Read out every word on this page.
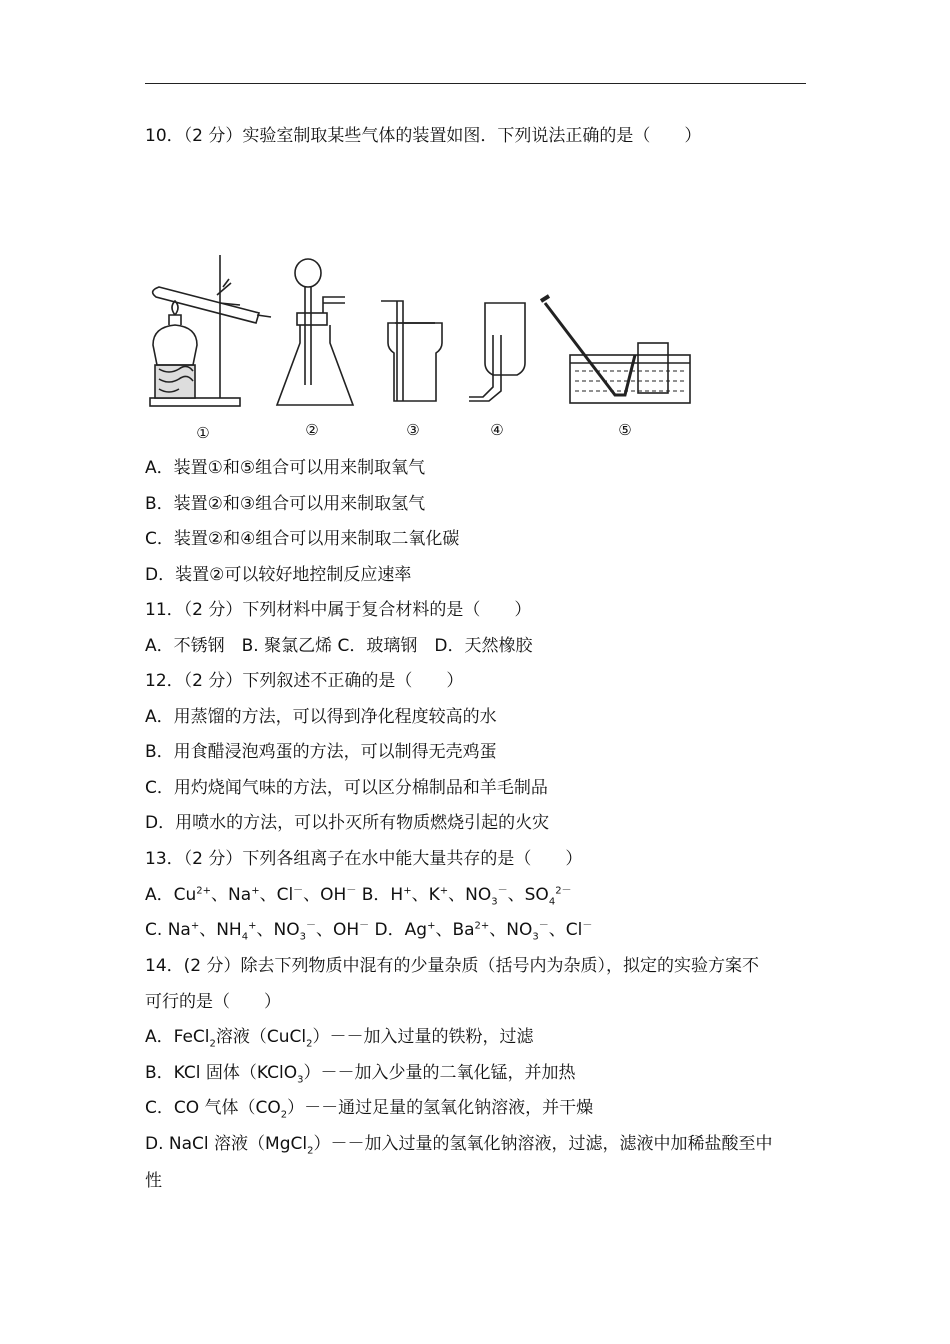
10．（2 分）实验室制取某些气体的装置如图．下列说法正确的是（　　）
①	②	③	④	⑤
A．装置①和⑤组合可以用来制取氧气
B．装置②和③组合可以用来制取氢气
C．装置②和④组合可以用来制取二氧化碳
D．装置②可以较好地控制反应速率
11．（2 分）下列材料中属于复合材料的是（　　）
A．不锈钢　B. 聚氯乙烯 C．玻璃钢　D．天然橡胶
12．（2 分）下列叙述不正确的是（　　）
A．用蒸馏的方法，可以得到净化程度较高的水
B．用食醋浸泡鸡蛋的方法，可以制得无壳鸡蛋
C．用灼烧闻气味的方法，可以区分棉制品和羊毛制品
D．用喷水的方法，可以扑灭所有物质燃烧引起的火灾
13．（2 分）下列各组离子在水中能大量共存的是（　　）
A．$Cu^{2+}$、Na+、Cl－、OH－ B．H+、K+、$NO_3^-$、$SO_4^{2-}$
C. Na+、$NH_4^+$、$NO_3^-$、OH－ D．Ag+、$Ba^{2+}$、$NO_3^-$、Cl－
14．(2 分）除去下列物质中混有的少量杂质（括号内为杂质），拟定的实验方案不
可行的是（　　）
A．FeCl$_2$溶液（CuCl$_2$）－－加入过量的铁粉，过滤
B．KCl 固体（KClO$_3$）－－加入少量的二氧化锰，并加热
C．CO 气体$(CO_2)--$通过足量的氢氧化钠溶液，并干燥
D. NaCl 溶液（MgCl$_2$）－－加入过量的氢氧化钠溶液，过滤，滤液中加稀盐酸至中
性
